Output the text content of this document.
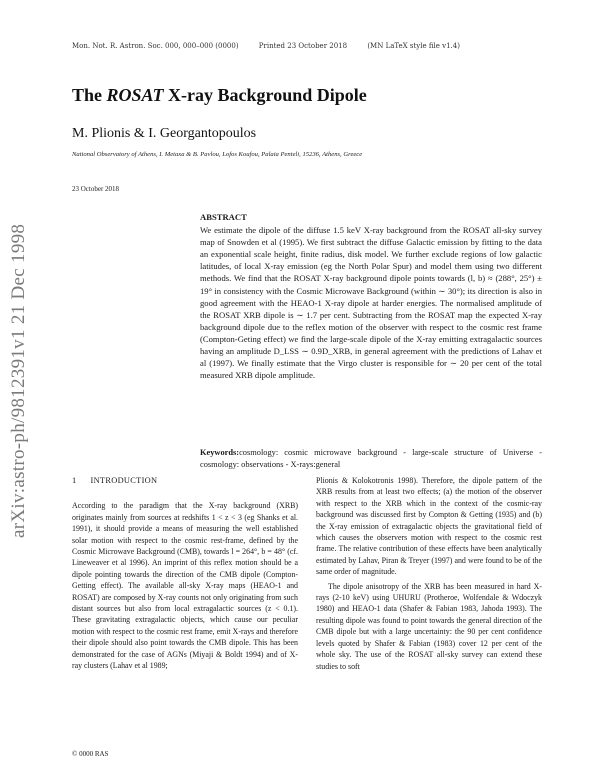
arXiv:astro-ph/9812391v1 21 Dec 1998
Mon. Not. R. Astron. Soc. 000, 000–000 (0000)	Printed 23 October 2018	(MN LaTeX style file v1.4)
The ROSAT X-ray Background Dipole
M. Plionis & I. Georgantopoulos
National Observatory of Athens, I. Metaxa & B. Pavlou, Lofos Koufou, Palaia Penteli, 15236, Athens, Greece
23 October 2018
ABSTRACT
We estimate the dipole of the diffuse 1.5 keV X-ray background from the ROSAT all-sky survey map of Snowden et al (1995). We first subtract the diffuse Galactic emission by fitting to the data an exponential scale height, finite radius, disk model. We further exclude regions of low galactic latitudes, of local X-ray emission (eg the North Polar Spur) and model them using two different methods. We find that the ROSAT X-ray background dipole points towards (l, b) ≈ (288°, 25°) ± 19° in consistency with the Cosmic Microwave Background (within ∼ 30°); its direction is also in good agreement with the HEAO-1 X-ray dipole at harder energies. The normalised amplitude of the ROSAT XRB dipole is ∼ 1.7 per cent. Subtracting from the ROSAT map the expected X-ray background dipole due to the reflex motion of the observer with respect to the cosmic rest frame (Compton-Geting effect) we find the large-scale dipole of the X-ray emitting extragalactic sources having an amplitude D_LSS ∼ 0.9D_XRB, in general agreement with the predictions of Lahav et al (1997). We finally estimate that the Virgo cluster is responsible for ∼ 20 per cent of the total measured XRB dipole amplitude.
Keywords:cosmology: cosmic microwave background - large-scale structure of Universe - cosmology: observations - X-rays:general
1 INTRODUCTION

According to the paradigm that the X-ray background (XRB) originates mainly from sources at redshifts 1 < z < 3 (eg Shanks et al. 1991), it should provide a means of measuring the well established solar motion with respect to the cosmic rest-frame, defined by the Cosmic Microwave Background (CMB), towards l = 264°, b = 48° (cf. Lineweaver et al 1996). An imprint of this reflex motion should be a dipole pointing towards the direction of the CMB dipole (Compton-Getting effect). The available all-sky X-ray maps (HEAO-1 and ROSAT) are composed by X-ray counts not only originating from such distant sources but also from local extragalactic sources (z < 0.1). These gravitating extragalactic objects, which cause our peculiar motion with respect to the cosmic rest frame, emit X-rays and therefore their dipole should also point towards the CMB dipole. This has been demonstrated for the case of AGNs (Miyaji & Boldt 1994) and of X-ray clusters (Lahav et al 1989;

Plionis & Kolokotronis 1998). Therefore, the dipole pattern of the XRB results from at least two effects; (a) the motion of the observer with respect to the XRB which in the context of the cosmic-ray background was discussed first by Compton & Getting (1935) and (b) the X-ray emission of extragalactic objects the gravitational field of which causes the observers motion with respect to the cosmic rest frame. The relative contribution of these effects have been analytically estimated by Lahav, Piran & Treyer (1997) and were found to be of the same order of magnitude.

The dipole anisotropy of the XRB has been measured in hard X-rays (2-10 keV) using UHURU (Protheroe, Wolfendale & Wdoczyk 1980) and HEAO-1 data (Shafer & Fabian 1983, Jahoda 1993). The resulting dipole was found to point towards the general direction of the CMB dipole but with a large uncertainty: the 90 per cent confidence levels quoted by Shafer & Fabian (1983) cover 12 per cent of the whole sky. The use of the ROSAT all-sky survey can extend these studies to soft

© 0000 RAS
